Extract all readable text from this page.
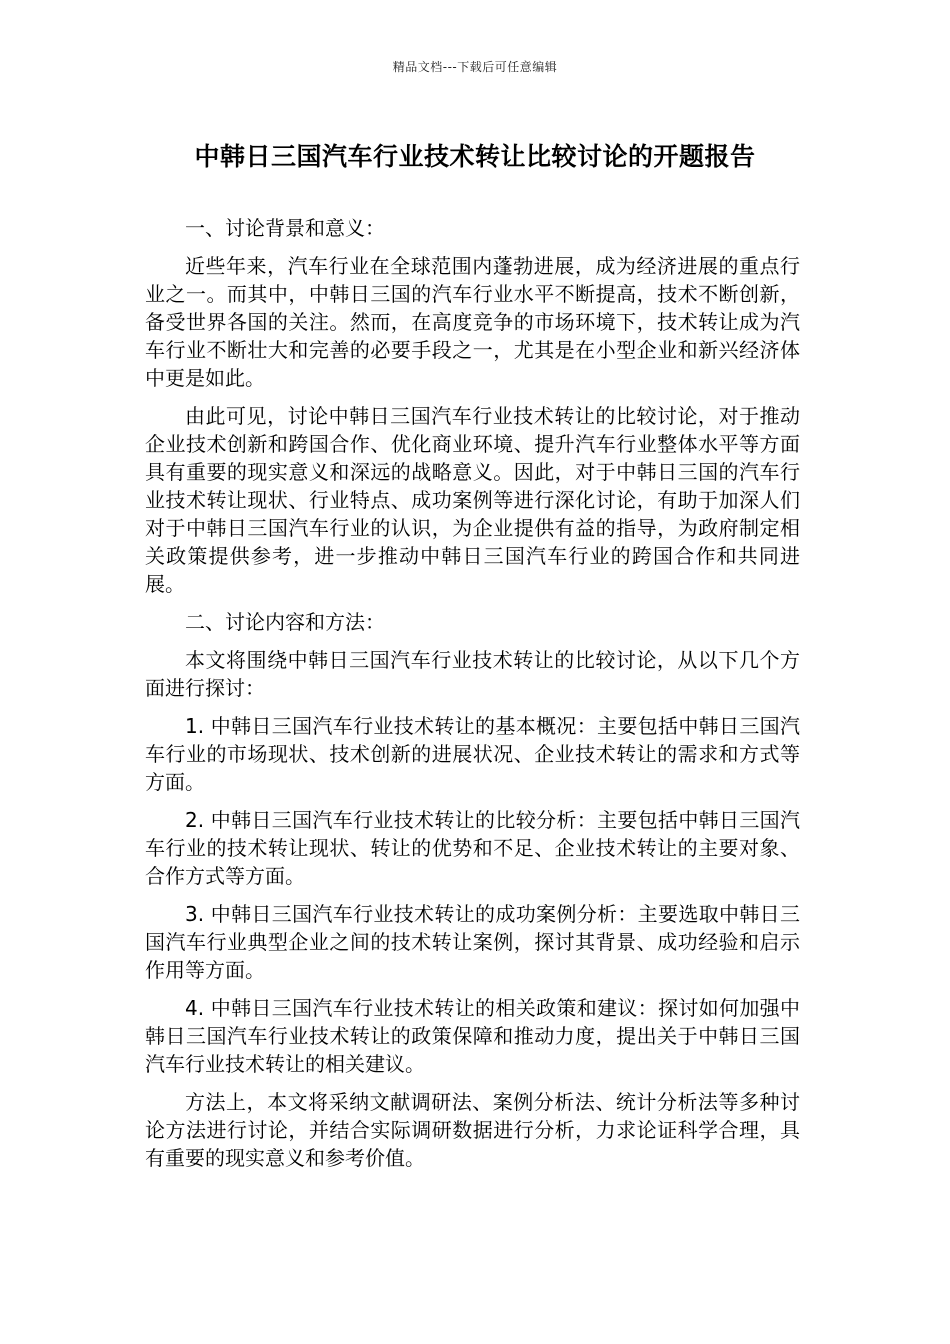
精品文档---下载后可任意编辑
中韩日三国汽车行业技术转让比较讨论的开题报告

一、讨论背景和意义：

近些年来，汽车行业在全球范围内蓬勃进展，成为经济进展的重点行业之一。而其中，中韩日三国的汽车行业水平不断提高，技术不断创新，备受世界各国的关注。然而，在高度竞争的市场环境下，技术转让成为汽车行业不断壮大和完善的必要手段之一，尤其是在小型企业和新兴经济体中更是如此。

由此可见，讨论中韩日三国汽车行业技术转让的比较讨论，对于推动企业技术创新和跨国合作、优化商业环境、提升汽车行业整体水平等方面具有重要的现实意义和深远的战略意义。因此，对于中韩日三国的汽车行业技术转让现状、行业特点、成功案例等进行深化讨论，有助于加深人们对于中韩日三国汽车行业的认识，为企业提供有益的指导，为政府制定相关政策提供参考，进一步推动中韩日三国汽车行业的跨国合作和共同进展。

二、讨论内容和方法：

本文将围绕中韩日三国汽车行业技术转让的比较讨论，从以下几个方面进行探讨：

1. 中韩日三国汽车行业技术转让的基本概况：主要包括中韩日三国汽车行业的市场现状、技术创新的进展状况、企业技术转让的需求和方式等方面。

2. 中韩日三国汽车行业技术转让的比较分析：主要包括中韩日三国汽车行业的技术转让现状、转让的优势和不足、企业技术转让的主要对象、合作方式等方面。

3. 中韩日三国汽车行业技术转让的成功案例分析：主要选取中韩日三国汽车行业典型企业之间的技术转让案例，探讨其背景、成功经验和启示作用等方面。

4. 中韩日三国汽车行业技术转让的相关政策和建议：探讨如何加强中韩日三国汽车行业技术转让的政策保障和推动力度，提出关于中韩日三国汽车行业技术转让的相关建议。

方法上，本文将采纳文献调研法、案例分析法、统计分析法等多种讨论方法进行讨论，并结合实际调研数据进行分析，力求论证科学合理，具有重要的现实意义和参考价值。
